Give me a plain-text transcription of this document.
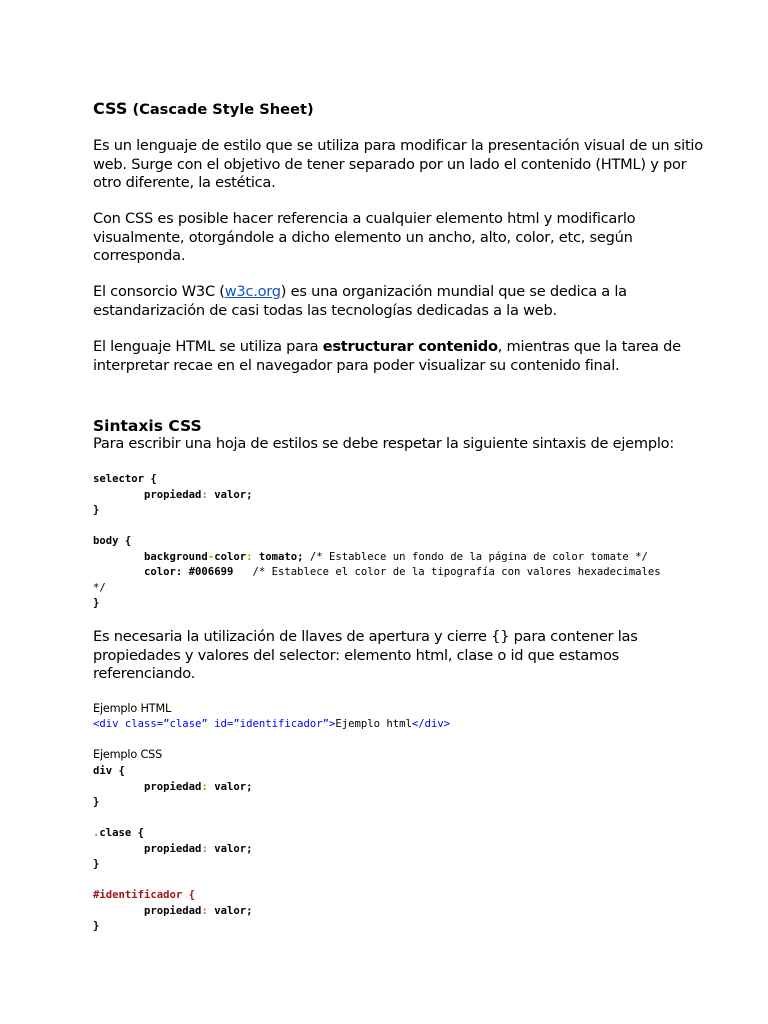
CSS (Cascade Style Sheet)

Es un lenguaje de estilo que se utiliza para modificar la presentación visual de un sitio
web. Surge con el objetivo de tener separado por un lado el contenido (HTML) y por
otro diferente, la estética.

Con CSS es posible hacer referencia a cualquier elemento html y modificarlo
visualmente, otorgándole a dicho elemento un ancho, alto, color, etc, según
corresponda.

El consorcio W3C (w3c.org) es una organización mundial que se dedica a la
estandarización de casi todas las tecnologías dedicadas a la web.

El lenguaje HTML se utiliza para estructurar contenido, mientras que la tarea de
interpretar recae en el navegador para poder visualizar su contenido final.

Sintaxis CSS

Para escribir una hoja de estilos se debe respetar la siguiente sintaxis de ejemplo:

selector {
propiedad: valor;
}
body {
background-color: tomato; /* Establece un fondo de la página de color tomate */
color: #006699   /* Establece el color de la tipografía con valores hexadecimales
*/
}

Es necesaria la utilización de llaves de apertura y cierre {} para contener las
propiedades y valores del selector: elemento html, clase o id que estamos
referenciando.

Ejemplo HTML

<div class=”clase” id=”identificador”>Ejemplo html</div>

Ejemplo CSS

div {
propiedad: valor;
}

.clase {
propiedad: valor;
}

#identificador {
propiedad: valor;
}
